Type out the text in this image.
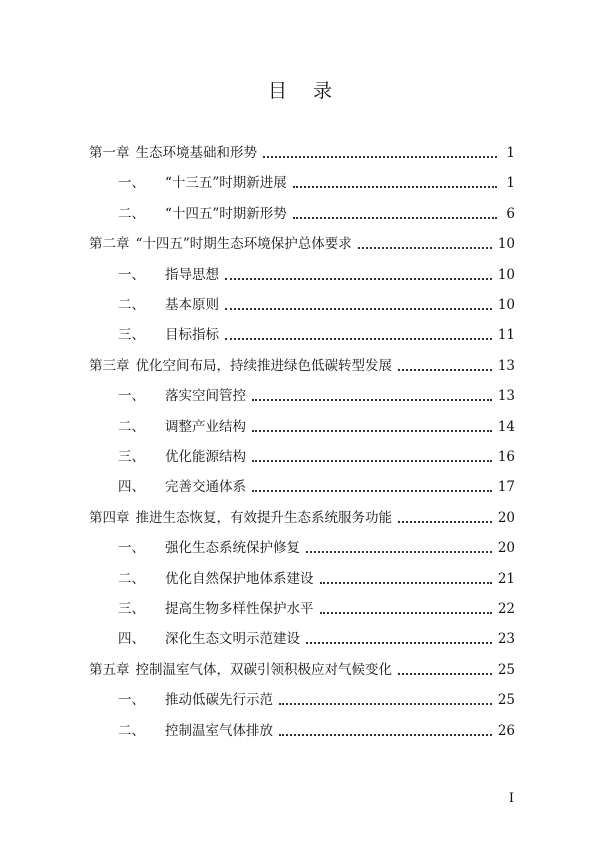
目 录
第一章 生态环境基础和形势	1
一、 “十三五”时期新进展	1
二、 “十四五”时期新形势	6
第二章 “十四五”时期生态环境保护总体要求	10
一、 指导思想	10
二、 基本原则	10
三、 目标指标	11
第三章 优化空间布局，持续推进绿色低碳转型发展	13
一、 落实空间管控	13
二、 调整产业结构	14
三、 优化能源结构	16
四、 完善交通体系	17
第四章 推进生态恢复，有效提升生态系统服务功能	20
一、 强化生态系统保护修复	20
二、 优化自然保护地体系建设	21
三、 提高生物多样性保护水平	22
四、 深化生态文明示范建设	23
第五章 控制温室气体，双碳引领积极应对气候变化	25
一、 推动低碳先行示范	25
二、 控制温室气体排放	26
I
